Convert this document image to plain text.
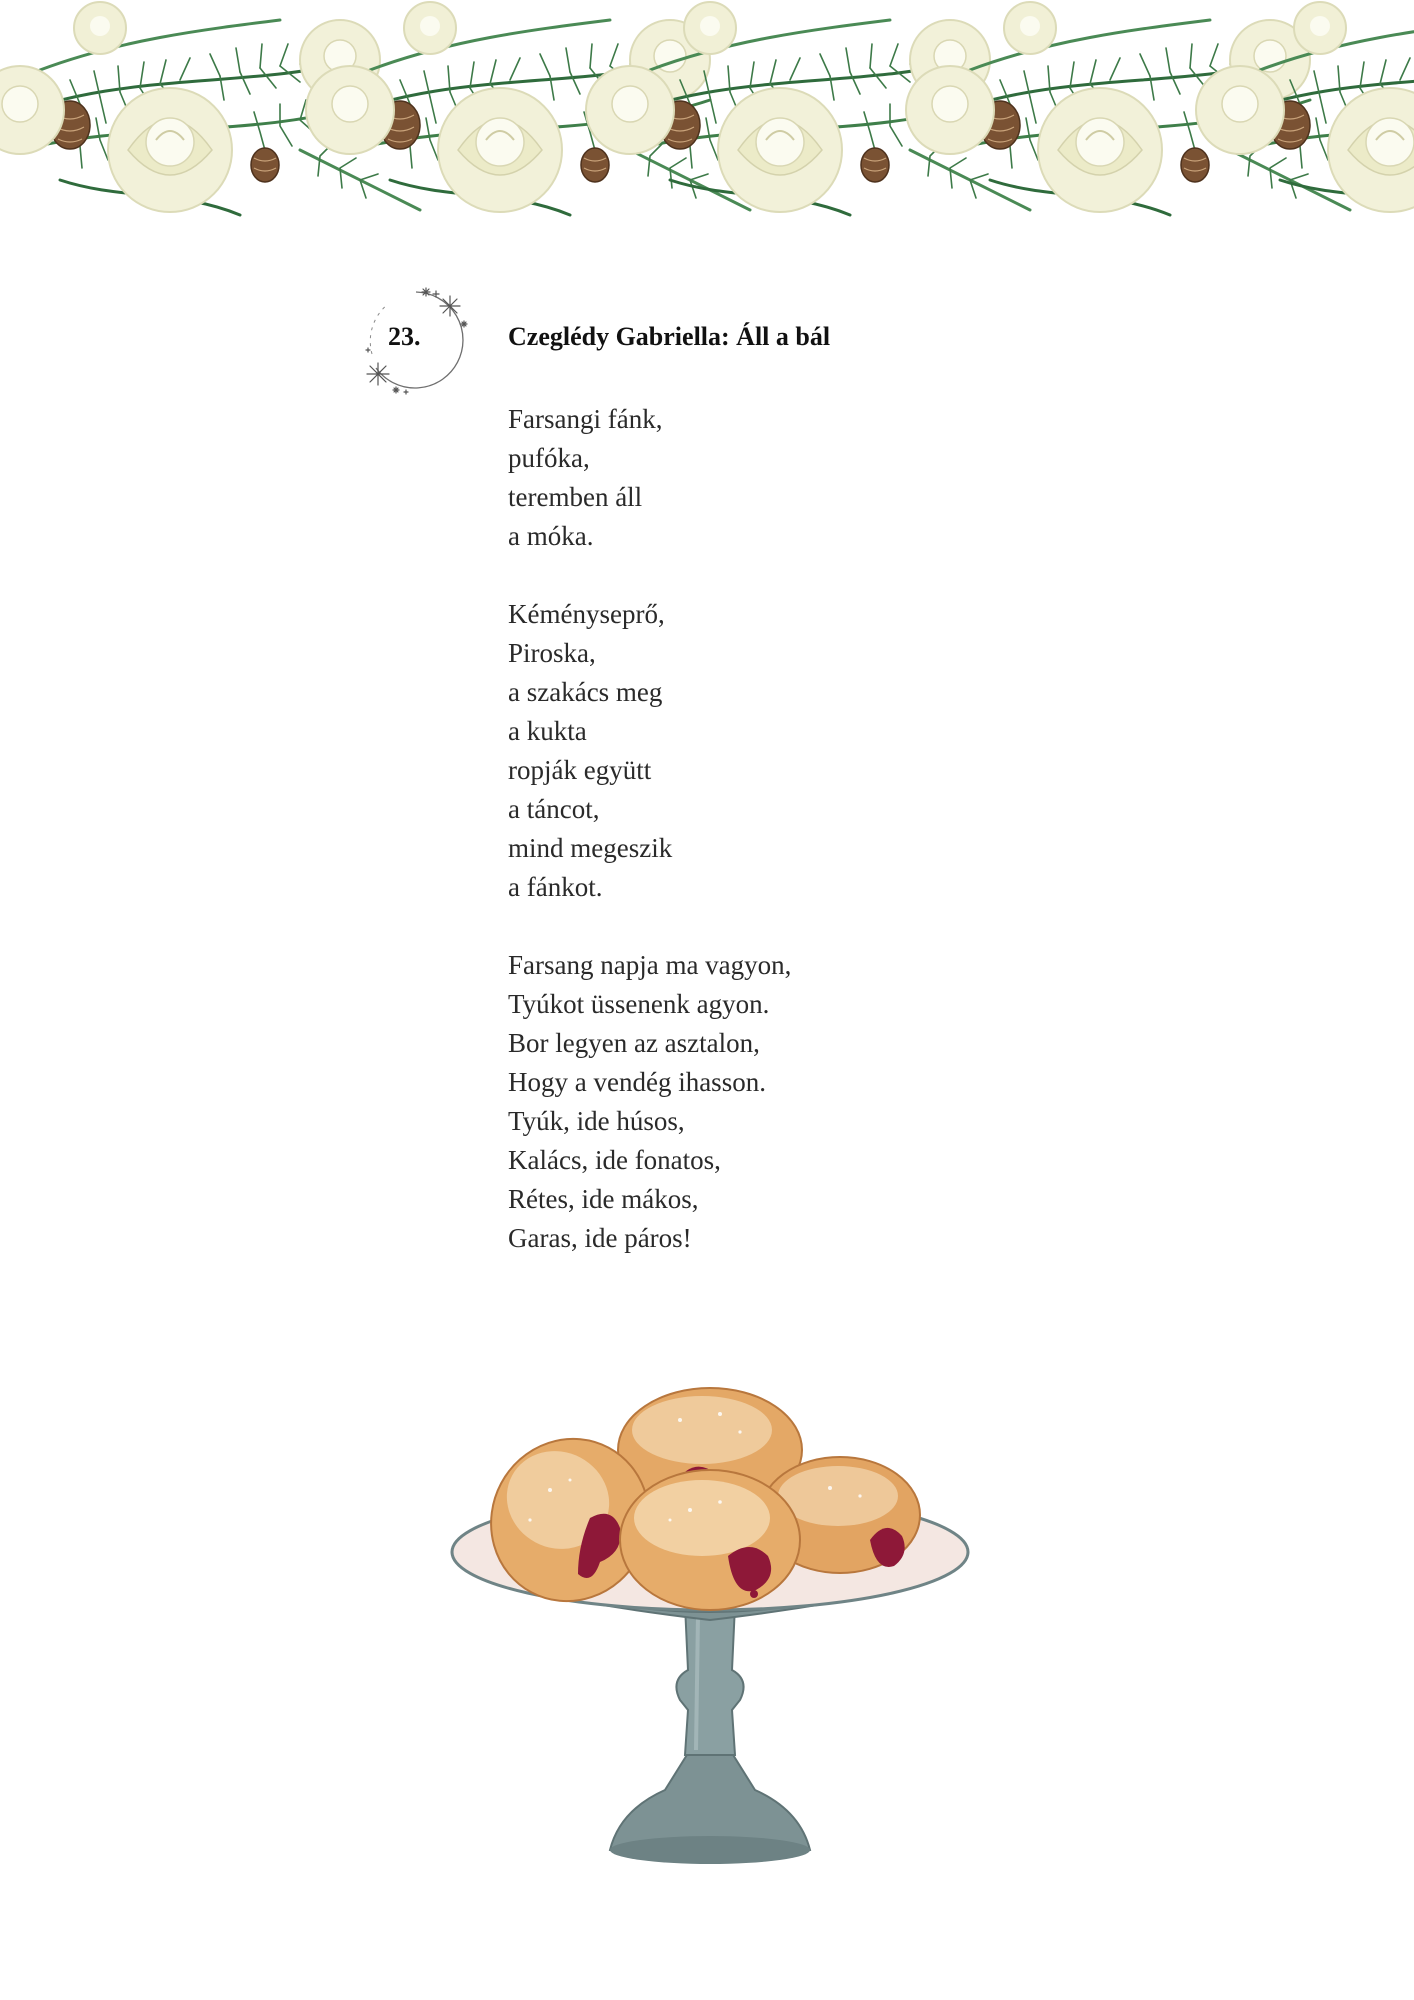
23.	Czeglédy Gabriella: Áll a bál
Farsangi fánk,
pufóka,
teremben áll
a móka.
Kéményseprő,
Piroska,
a szakács meg
a kukta
ropják együtt
a táncot,
mind megeszik
a fánkot.
Farsang napja ma vagyon,
Tyúkot üssenenk agyon.
Bor legyen az asztalon,
Hogy a vendég ihasson.
Tyúk, ide húsos,
Kalács, ide fonatos,
Rétes, ide mákos,
Garas, ide páros!
